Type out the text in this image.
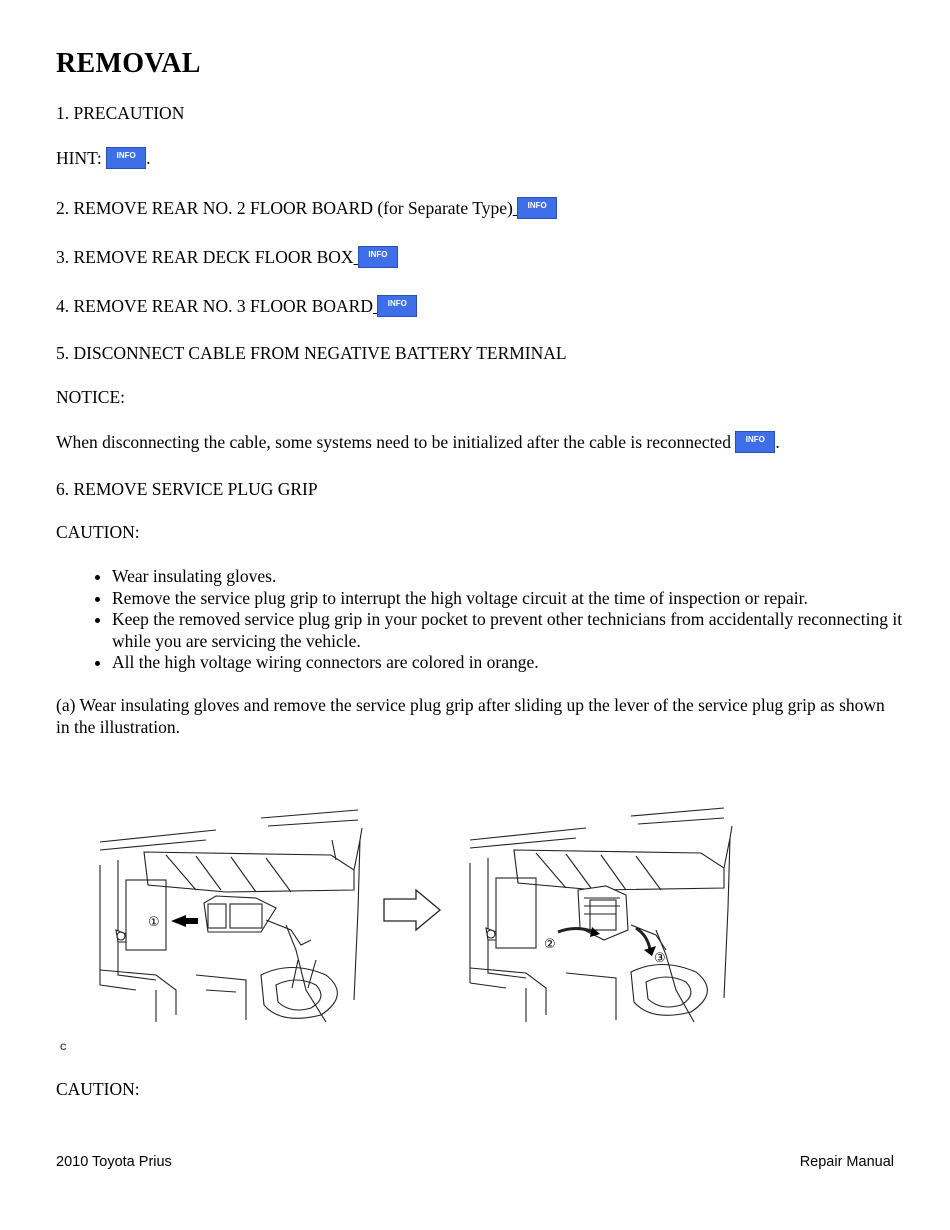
REMOVAL
1. PRECAUTION
HINT: INFO .
2. REMOVE REAR NO. 2 FLOOR BOARD (for Separate Type) INFO
3. REMOVE REAR DECK FLOOR BOX INFO
4. REMOVE REAR NO. 3 FLOOR BOARD INFO
5. DISCONNECT CABLE FROM NEGATIVE BATTERY TERMINAL
NOTICE:
When disconnecting the cable, some systems need to be initialized after the cable is reconnected INFO .
6. REMOVE SERVICE PLUG GRIP
CAUTION:
• Wear insulating gloves.
• Remove the service plug grip to interrupt the high voltage circuit at the time of inspection or repair.
• Keep the removed service plug grip in your pocket to prevent other technicians from accidentally reconnecting it while you are servicing the vehicle.
• All the high voltage wiring connectors are colored in orange.
(a) Wear insulating gloves and remove the service plug grip after sliding up the lever of the service plug grip as shown in the illustration.
①
②
③
C
CAUTION:
2010 Toyota Prius	Repair Manual
